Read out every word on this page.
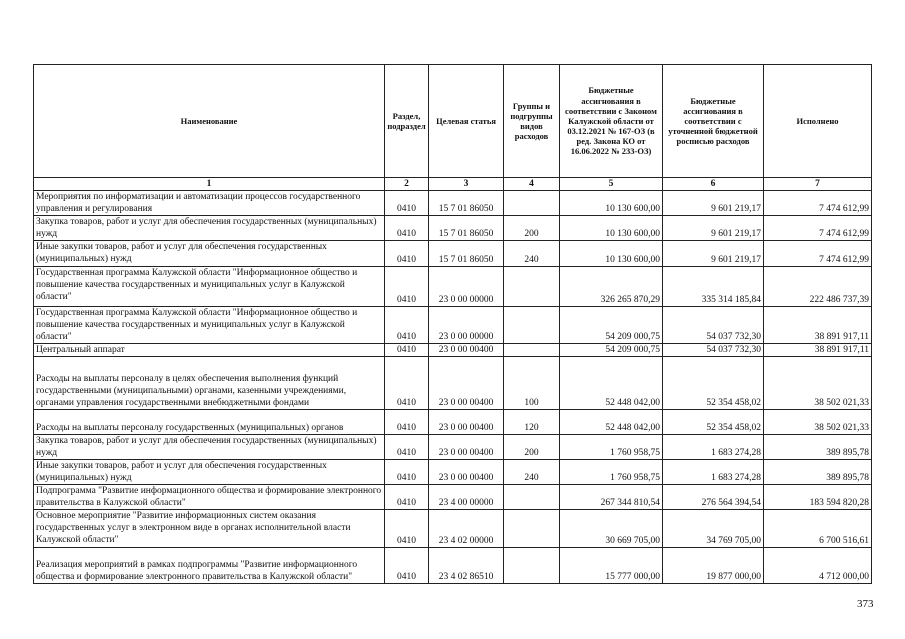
Наименование	Раздел, подраздел	Целевая статья	Группы и подгруппы видов расходов	Бюджетные ассигнования в соответствии с Законом Калужской области от 03.12.2021 № 167-ОЗ (в ред. Закона КО от 16.06.2022 № 233-ОЗ)	Бюджетные ассигнования в соответствии с уточненной бюджетной росписью расходов	Исполнено
1	2	3	4	5	6	7
Мероприятия по информатизации и автоматизации процессов государственного управления и регулирования	0410	15 7 01 86050		10 130 600,00	9 601 219,17	7 474 612,99
Закупка товаров, работ и услуг для обеспечения государственных (муниципальных) нужд	0410	15 7 01 86050	200	10 130 600,00	9 601 219,17	7 474 612,99
Иные закупки товаров, работ и услуг для обеспечения государственных (муниципальных) нужд	0410	15 7 01 86050	240	10 130 600,00	9 601 219,17	7 474 612,99
Государственная программа Калужской области "Информационное общество и повышение качества государственных и муниципальных услуг в Калужской области"	0410	23 0 00 00000		326 265 870,29	335 314 185,84	222 486 737,39
Государственная программа Калужской области "Информационное общество и повышение качества государственных и муниципальных услуг в Калужской области"	0410	23 0 00 00000		54 209 000,75	54 037 732,30	38 891 917,11
Центральный аппарат	0410	23 0 00 00400		54 209 000,75	54 037 732,30	38 891 917,11
Расходы на выплаты персоналу в целях обеспечения выполнения функций государственными (муниципальными) органами, казенными учреждениями, органами управления государственными внебюджетными фондами	0410	23 0 00 00400	100	52 448 042,00	52 354 458,02	38 502 021,33
Расходы на выплаты персоналу государственных (муниципальных) органов	0410	23 0 00 00400	120	52 448 042,00	52 354 458,02	38 502 021,33
Закупка товаров, работ и услуг для обеспечения государственных (муниципальных) нужд	0410	23 0 00 00400	200	1 760 958,75	1 683 274,28	389 895,78
Иные закупки товаров, работ и услуг для обеспечения государственных (муниципальных) нужд	0410	23 0 00 00400	240	1 760 958,75	1 683 274,28	389 895,78
Подпрограмма "Развитие информационного общества и формирование электронного правительства в Калужской области"	0410	23 4 00 00000		267 344 810,54	276 564 394,54	183 594 820,28
Основное мероприятие "Развитие информационных систем оказания государственных услуг в электронном виде в органах исполнительной власти Калужской области"	0410	23 4 02 00000		30 669 705,00	34 769 705,00	6 700 516,61
Реализация мероприятий в рамках подпрограммы "Развитие информационного общества и формирование электронного правительства в Калужской области"	0410	23 4 02 86510		15 777 000,00	19 877 000,00	4 712 000,00
373
